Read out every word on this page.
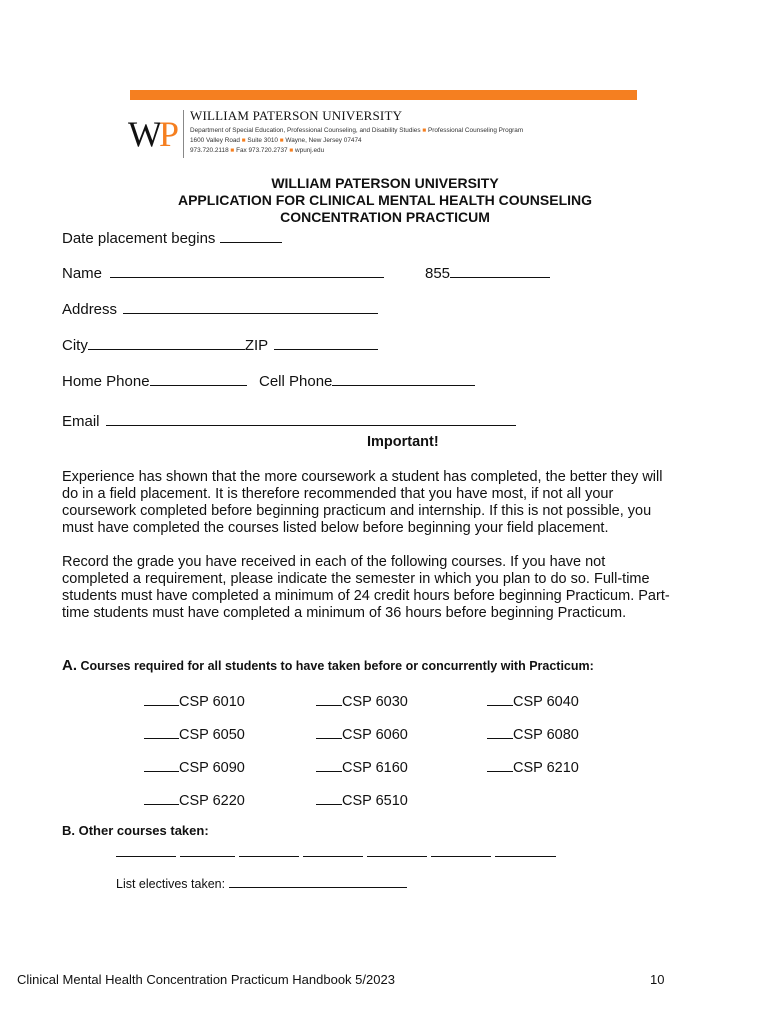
WP WILLIAM PATERSON UNIVERSITY
Department of Special Education, Professional Counseling, and Disability Studies ■ Professional Counseling Program
1600 Valley Road ■ Suite 3010 ■ Wayne, New Jersey 07474
973.720.2118 ■ Fax 973.720.2737 ■ wpunj.edu
WILLIAM PATERSON UNIVERSITY
APPLICATION FOR CLINICAL MENTAL HEALTH COUNSELING
CONCENTRATION PRACTICUM
Date placement begins
Name	855
Address
City	ZIP
Home Phone	Cell Phone
Email
Important!

Experience has shown that the more coursework a student has completed, the better they will do in a field placement. It is therefore recommended that you have most, if not all your coursework completed before beginning practicum and internship. If this is not possible, you must have completed the courses listed below before beginning your field placement.

Record the grade you have received in each of the following courses. If you have not completed a requirement, please indicate the semester in which you plan to do so. Full-time students must have completed a minimum of 24 credit hours before beginning Practicum. Part-time students must have completed a minimum of 36 hours before beginning Practicum.

A. Courses required for all students to have taken before or concurrently with Practicum:
CSP 6010	CSP 6030	CSP 6040
CSP 6050	CSP 6060	CSP 6080
CSP 6090	CSP 6160	CSP 6210
CSP 6220	CSP 6510
B. Other courses taken:
List electives taken:
Clinical Mental Health Concentration Practicum Handbook 5/2023	10
